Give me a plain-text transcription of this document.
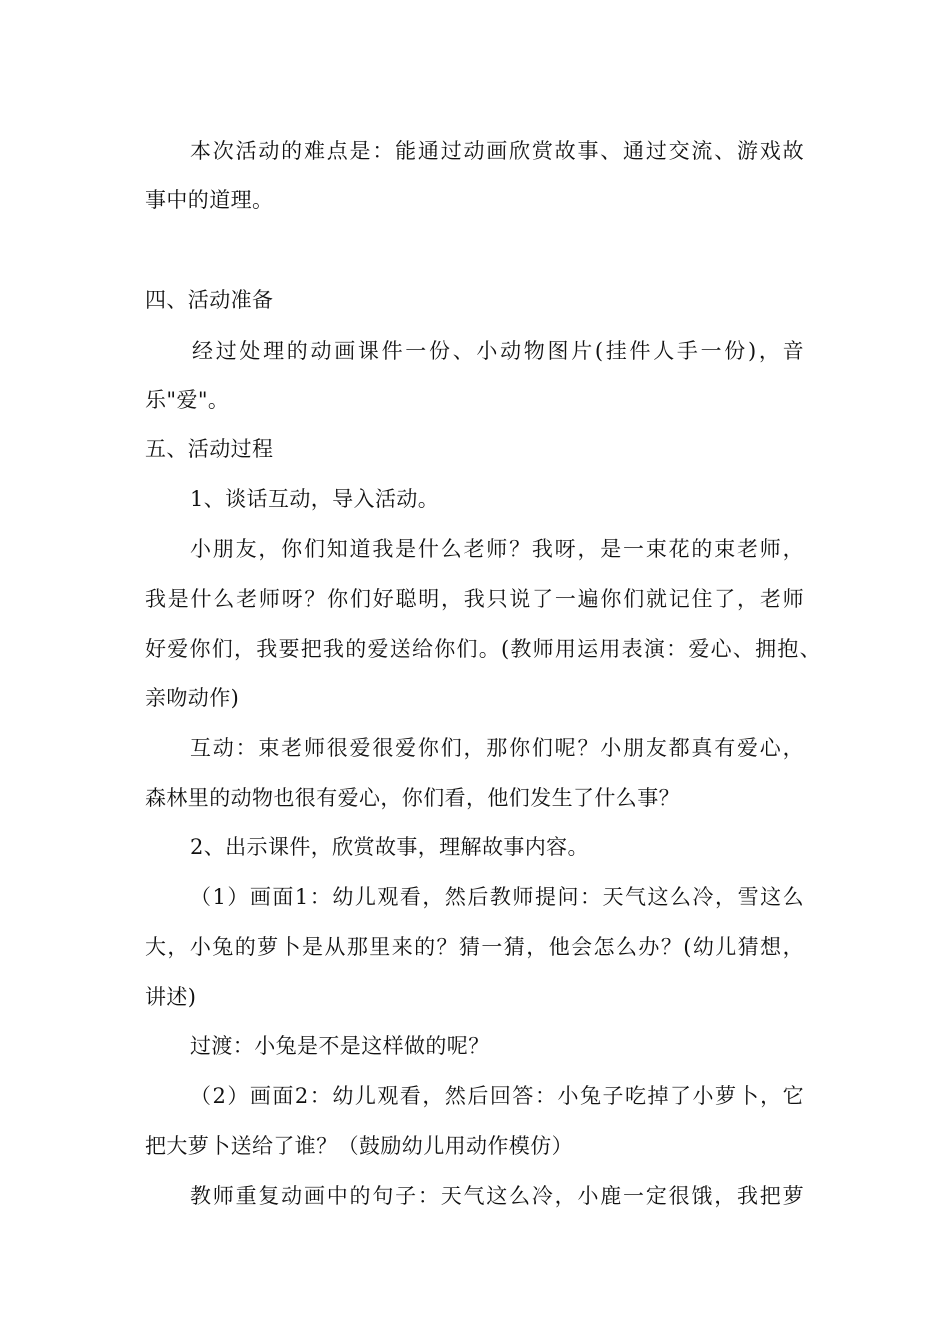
本次活动的难点是：能通过动画欣赏故事、通过交流、游戏故
事中的道理。
四、活动准备
经过处理的动画课件一份、小动物图片(挂件人手一份)，音
乐"爱"。
五、活动过程
1、谈话互动，导入活动。
小朋友，你们知道我是什么老师？我呀，是一束花的束老师，
我是什么老师呀？你们好聪明，我只说了一遍你们就记住了，老师
好爱你们，我要把我的爱送给你们。(教师用运用表演：爱心、拥抱、
亲吻动作)
互动：束老师很爱很爱你们，那你们呢？小朋友都真有爱心，
森林里的动物也很有爱心，你们看，他们发生了什么事？
2、出示课件，欣赏故事，理解故事内容。
（1）画面1：幼儿观看，然后教师提问：天气这么冷，雪这么
大，小兔的萝卜是从那里来的？猜一猜，他会怎么办？(幼儿猜想，
讲述)
过渡：小兔是不是这样做的呢？
（2）画面2：幼儿观看，然后回答：小兔子吃掉了小萝卜，它
把大萝卜送给了谁？（鼓励幼儿用动作模仿）
教师重复动画中的句子：天气这么冷，小鹿一定很饿，我把萝
